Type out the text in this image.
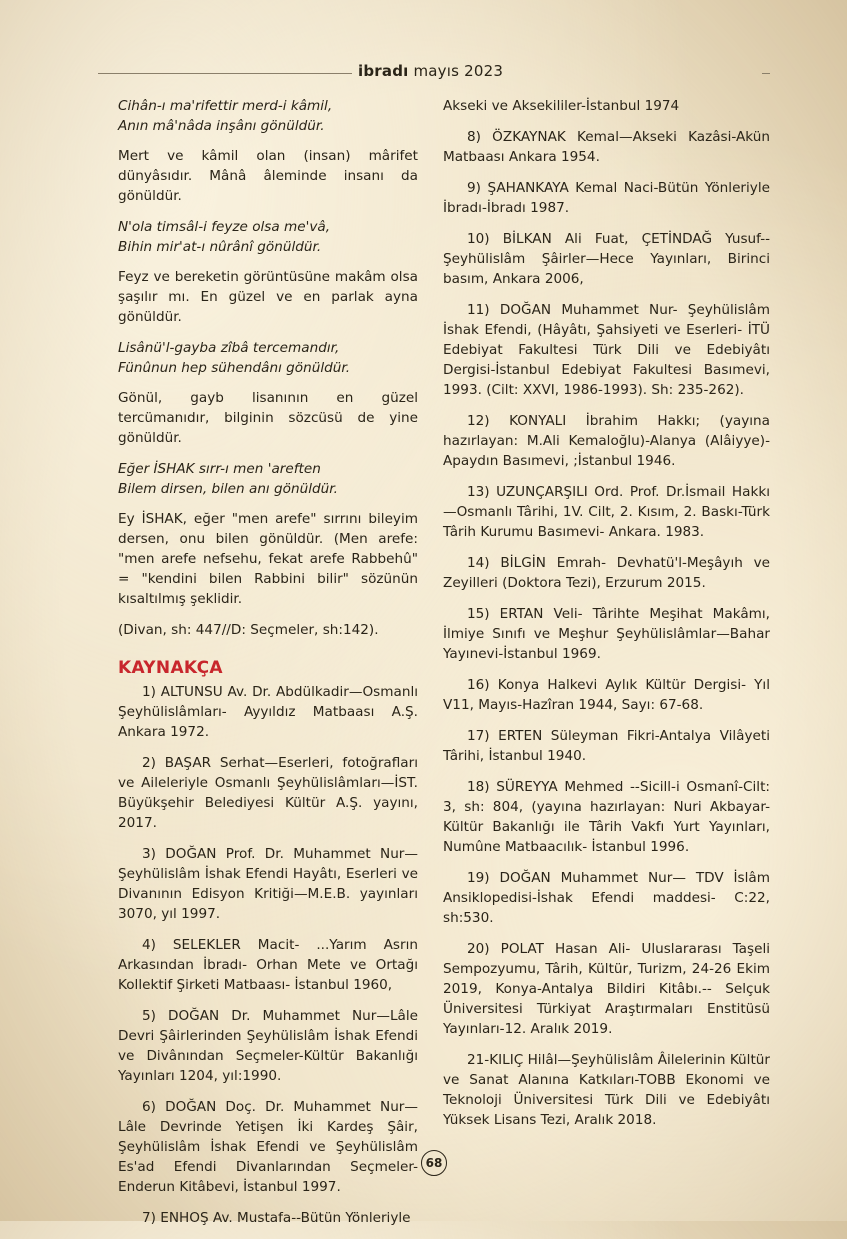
ibradı mayıs 2023

Cihân-ı ma'rifettir merd-i kâmil,
Anın mâ'nâda inşânı gönüldür.

Mert ve kâmil olan (insan) mârifet dünyâsıdır. Mânâ âleminde insanı da gönüldür.

N'ola timsâl-i feyze olsa me'vâ,
Bihin mir'at-ı nûrânî gönüldür.

Feyz ve bereketin görüntüsüne makâm olsa şaşılır mı. En güzel ve en parlak ayna gönüldür.

Lisânü'l-gayba zîbâ tercemandır,
Fünûnun hep sühendânı gönüldür.

Gönül, gayb lisanının en güzel tercümanıdır, bilginin sözcüsü de yine gönüldür.

Eğer İSHAK sırr-ı men 'areften
Bilem dirsen, bilen anı gönüldür.

Ey İSHAK, eğer "men arefe" sırrını bileyim dersen, onu bilen gönüldür. (Men arefe: "men arefe nefsehu, fekat arefe Rabbehû" = "kendini bilen Rabbini bilir" sözünün kısaltılmış şeklidir.

(Divan, sh: 447//D: Seçmeler, sh:142).

KAYNAKÇA

1) ALTUNSU Av. Dr. Abdülkadir—Osmanlı Şeyhülislâmları- Ayyıldız Matbaası A.Ş. Ankara 1972.

2) BAŞAR Serhat—Eserleri, fotoğrafları ve Aileleriyle Osmanlı Şeyhülislâmları—İST. Büyükşehir Belediyesi Kültür A.Ş. yayını, 2017.

3) DOĞAN Prof. Dr. Muhammet Nur—Şeyhülislâm İshak Efendi Hayâtı, Eserleri ve Divanının Edisyon Kritiği—M.E.B. yayınları 3070, yıl 1997.

4) SELEKLER Macit- ...Yarım Asrın Arkasından İbradı- Orhan Mete ve Ortağı Kollektif Şirketi Matbaası- İstanbul 1960,

5) DOĞAN Dr. Muhammet Nur—Lâle Devri Şâirlerinden Şeyhülislâm İshak Efendi ve Divânından Seçmeler-Kültür Bakanlığı Yayınları 1204, yıl:1990.

6) DOĞAN Doç. Dr. Muhammet Nur—Lâle Devrinde Yetişen İki Kardeş Şâir, Şeyhülislâm İshak Efendi ve Şeyhülislâm Es'ad Efendi Divanlarından Seçmeler-Enderun Kitâbevi, İstanbul 1997.

7) ENHOŞ Av. Mustafa--Bütün Yönleriyle

Akseki ve Aksekililer-İstanbul 1974

8) ÖZKAYNAK Kemal—Akseki Kazâsi-Akün Matbaası Ankara 1954.

9) ŞAHANKAYA Kemal Naci-Bütün Yönleriyle İbradı-İbradı 1987.

10) BİLKAN Ali Fuat, ÇETİNDAĞ Yusuf--Şeyhülislâm Şâirler—Hece Yayınları, Birinci basım, Ankara 2006,

11) DOĞAN Muhammet Nur- Şeyhülislâm İshak Efendi, (Hâyâtı, Şahsiyeti ve Eserleri- İTÜ Edebiyat Fakultesi Türk Dili ve Edebiyâtı Dergisi-İstanbul Edebiyat Fakultesi Basımevi, 1993. (Cilt: XXVI, 1986-1993). Sh: 235-262).

12) KONYALI İbrahim Hakkı; (yayına hazırlayan: M.Ali Kemaloğlu)-Alanya (Alâiyye)-Apaydın Basımevi, ;İstanbul 1946.

13) UZUNÇARŞILI Ord. Prof. Dr.İsmail Hakkı—Osmanlı Târihi, 1V. Cilt, 2. Kısım, 2. Baskı-Türk Târih Kurumu Basımevi- Ankara. 1983.

14) BİLGİN Emrah- Devhatü'l-Meşâyıh ve Zeyilleri (Doktora Tezi), Erzurum 2015.

15) ERTAN Veli- Târihte Meşihat Makâmı, İlmiye Sınıfı ve Meşhur Şeyhülislâmlar—Bahar Yayınevi-İstanbul 1969.

16) Konya Halkevi Aylık Kültür Dergisi- Yıl V11, Mayıs-Hazîran 1944, Sayı: 67-68.

17) ERTEN Süleyman Fikri-Antalya Vilâyeti Târihi, İstanbul 1940.

18) SÜREYYA Mehmed --Sicill-i Osmanî-Cilt: 3, sh: 804, (yayına hazırlayan: Nuri Akbayar-Kültür Bakanlığı ile Târih Vakfı Yurt Yayınları, Numûne Matbaacılık- İstanbul 1996.

19) DOĞAN Muhammet Nur— TDV İslâm Ansiklopedisi-İshak Efendi maddesi- C:22, sh:530.

20) POLAT Hasan Ali- Uluslararası Taşeli Sempozyumu, Târih, Kültür, Turizm, 24-26 Ekim 2019, Konya-Antalya Bildiri Kitâbı.-- Selçuk Üniversitesi Türkiyat Araştırmaları Enstitüsü Yayınları-12. Aralık 2019.

21-KILIÇ Hilâl—Şeyhülislâm Âilelerinin Kültür ve Sanat Alanına Katkıları-TOBB Ekonomi ve Teknoloji Üniversitesi Türk Dili ve Edebiyâtı Yüksek Lisans Tezi, Aralık 2018.

68
